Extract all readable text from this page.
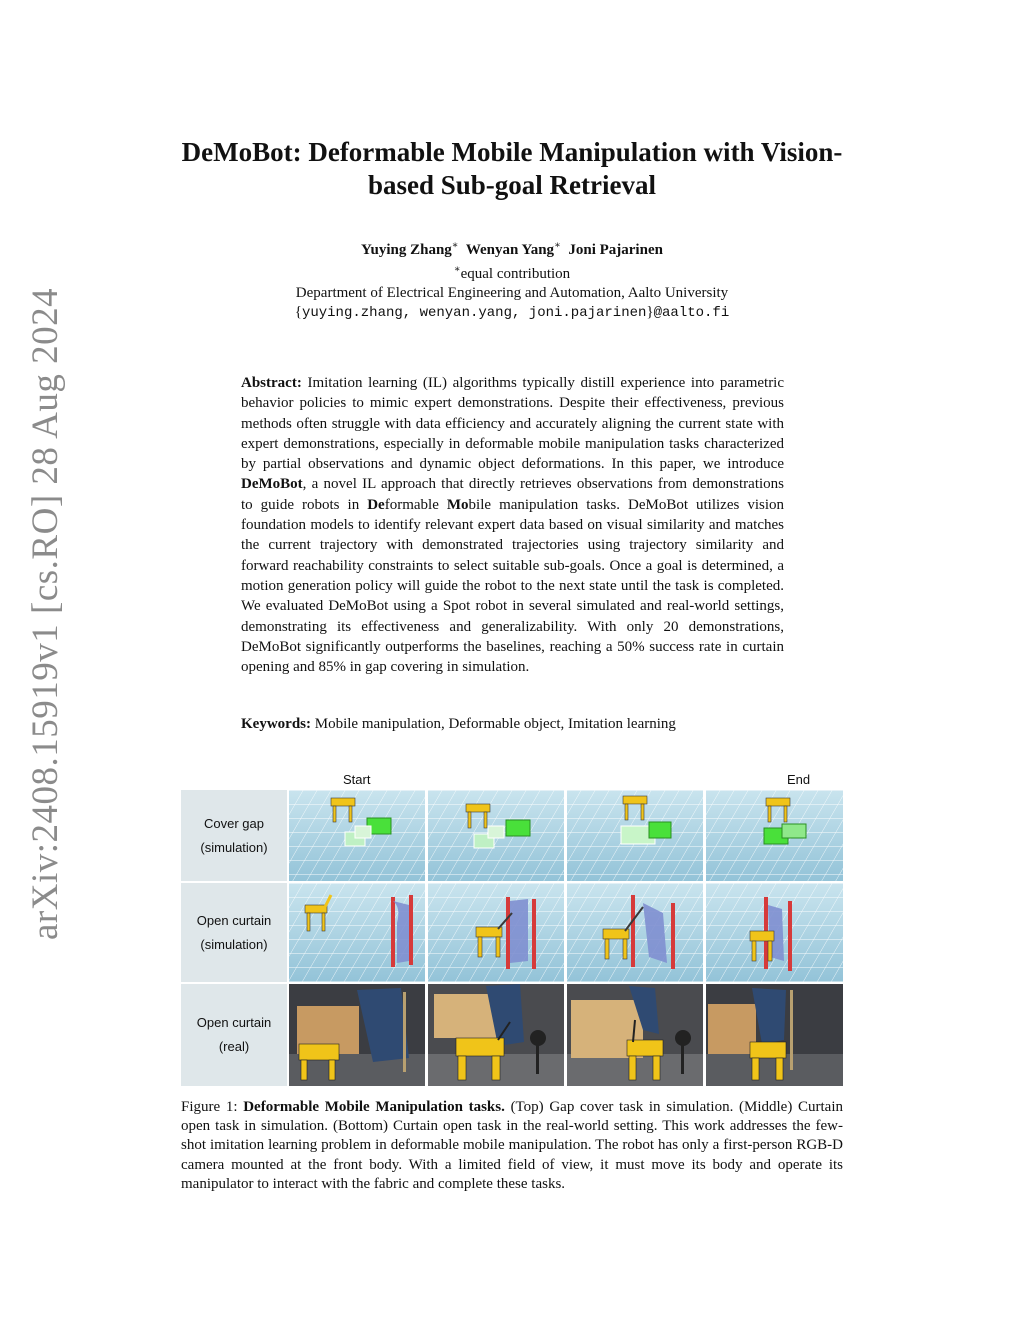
arXiv:2408.15919v1 [cs.RO] 28 Aug 2024
DeMoBot: Deformable Mobile Manipulation with Vision-based Sub-goal Retrieval
Yuying Zhang∗ Wenyan Yang∗ Joni Pajarinen
∗equal contribution
Department of Electrical Engineering and Automation, Aalto University
{yuying.zhang, wenyan.yang, joni.pajarinen}@aalto.fi
Abstract: Imitation learning (IL) algorithms typically distill experience into parametric behavior policies to mimic expert demonstrations. Despite their effectiveness, previous methods often struggle with data efficiency and accurately aligning the current state with expert demonstrations, especially in deformable mobile manipulation tasks characterized by partial observations and dynamic object deformations. In this paper, we introduce DeMoBot, a novel IL approach that directly retrieves observations from demonstrations to guide robots in Deformable Mobile manipulation tasks. DeMoBot utilizes vision foundation models to identify relevant expert data based on visual similarity and matches the current trajectory with demonstrated trajectories using trajectory similarity and forward reachability constraints to select suitable sub-goals. Once a goal is determined, a motion generation policy will guide the robot to the next state until the task is completed. We evaluated DeMoBot using a Spot robot in several simulated and real-world settings, demonstrating its effectiveness and generalizability. With only 20 demonstrations, DeMoBot significantly outperforms the baselines, reaching a 50% success rate in curtain opening and 85% in gap covering in simulation.
Keywords: Mobile manipulation, Deformable object, Imitation learning
Start	End
Cover gap
(simulation)
Open curtain
(simulation)
Open curtain
(real)
Figure 1: Deformable Mobile Manipulation tasks. (Top) Gap cover task in simulation. (Middle) Curtain open task in simulation. (Bottom) Curtain open task in the real-world setting. This work addresses the few-shot imitation learning problem in deformable mobile manipulation. The robot has only a first-person RGB-D camera mounted at the front body. With a limited field of view, it must move its body and operate its manipulator to interact with the fabric and complete these tasks.
